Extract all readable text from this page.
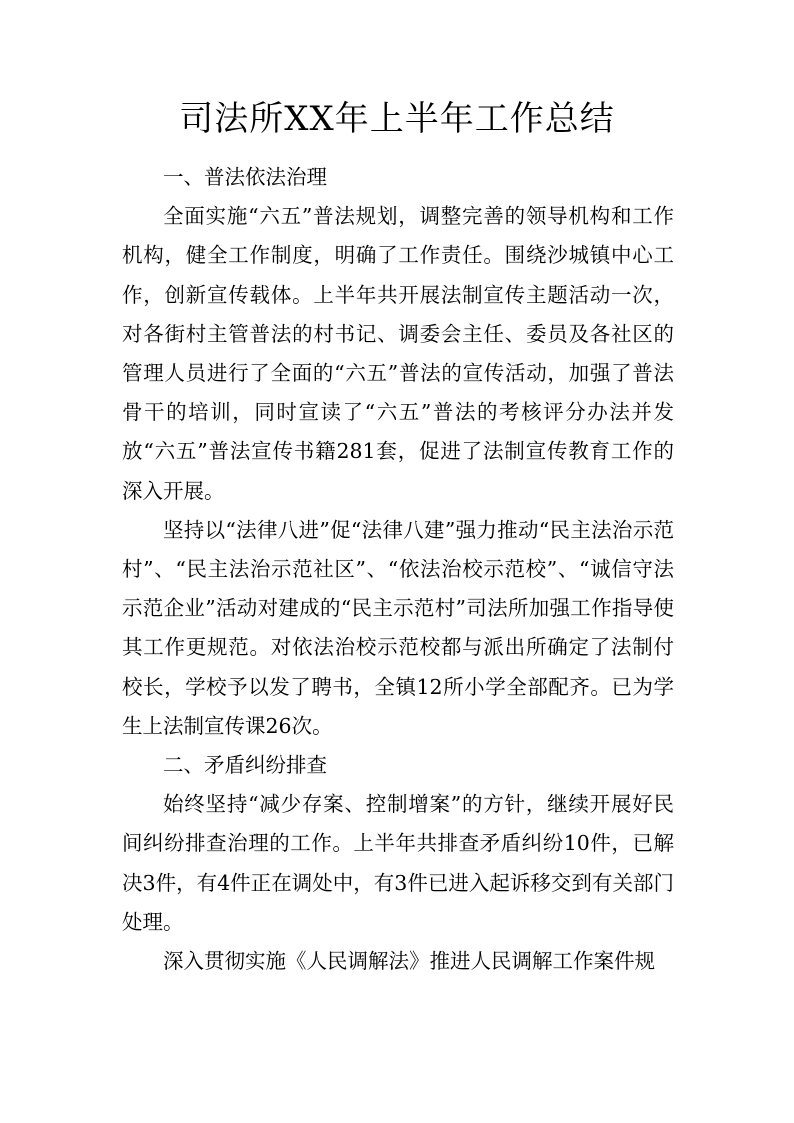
司法所XX年上半年工作总结

一、普法依法治理

全面实施“六五”普法规划，调整完善的领导机构和工作机构，健全工作制度，明确了工作责任。围绕沙城镇中心工作，创新宣传载体。上半年共开展法制宣传主题活动一次，对各街村主管普法的村书记、调委会主任、委员及各社区的管理人员进行了全面的“六五”普法的宣传活动，加强了普法骨干的培训，同时宣读了“六五”普法的考核评分办法并发放“六五”普法宣传书籍281套，促进了法制宣传教育工作的深入开展。

坚持以“法律八进”促“法律八建”强力推动“民主法治示范村”、“民主法治示范社区”、“依法治校示范校”、“诚信守法示范企业”活动对建成的“民主示范村”司法所加强工作指导使其工作更规范。对依法治校示范校都与派出所确定了法制付校长，学校予以发了聘书，全镇12所小学全部配齐。已为学生上法制宣传课26次。

二、矛盾纠纷排查

始终坚持“减少存案、控制增案”的方针，继续开展好民间纠纷排查治理的工作。上半年共排查矛盾纠纷10件，已解决3件，有4件正在调处中，有3件已进入起诉移交到有关部门处理。

深入贯彻实施《人民调解法》推进人民调解工作案件规
